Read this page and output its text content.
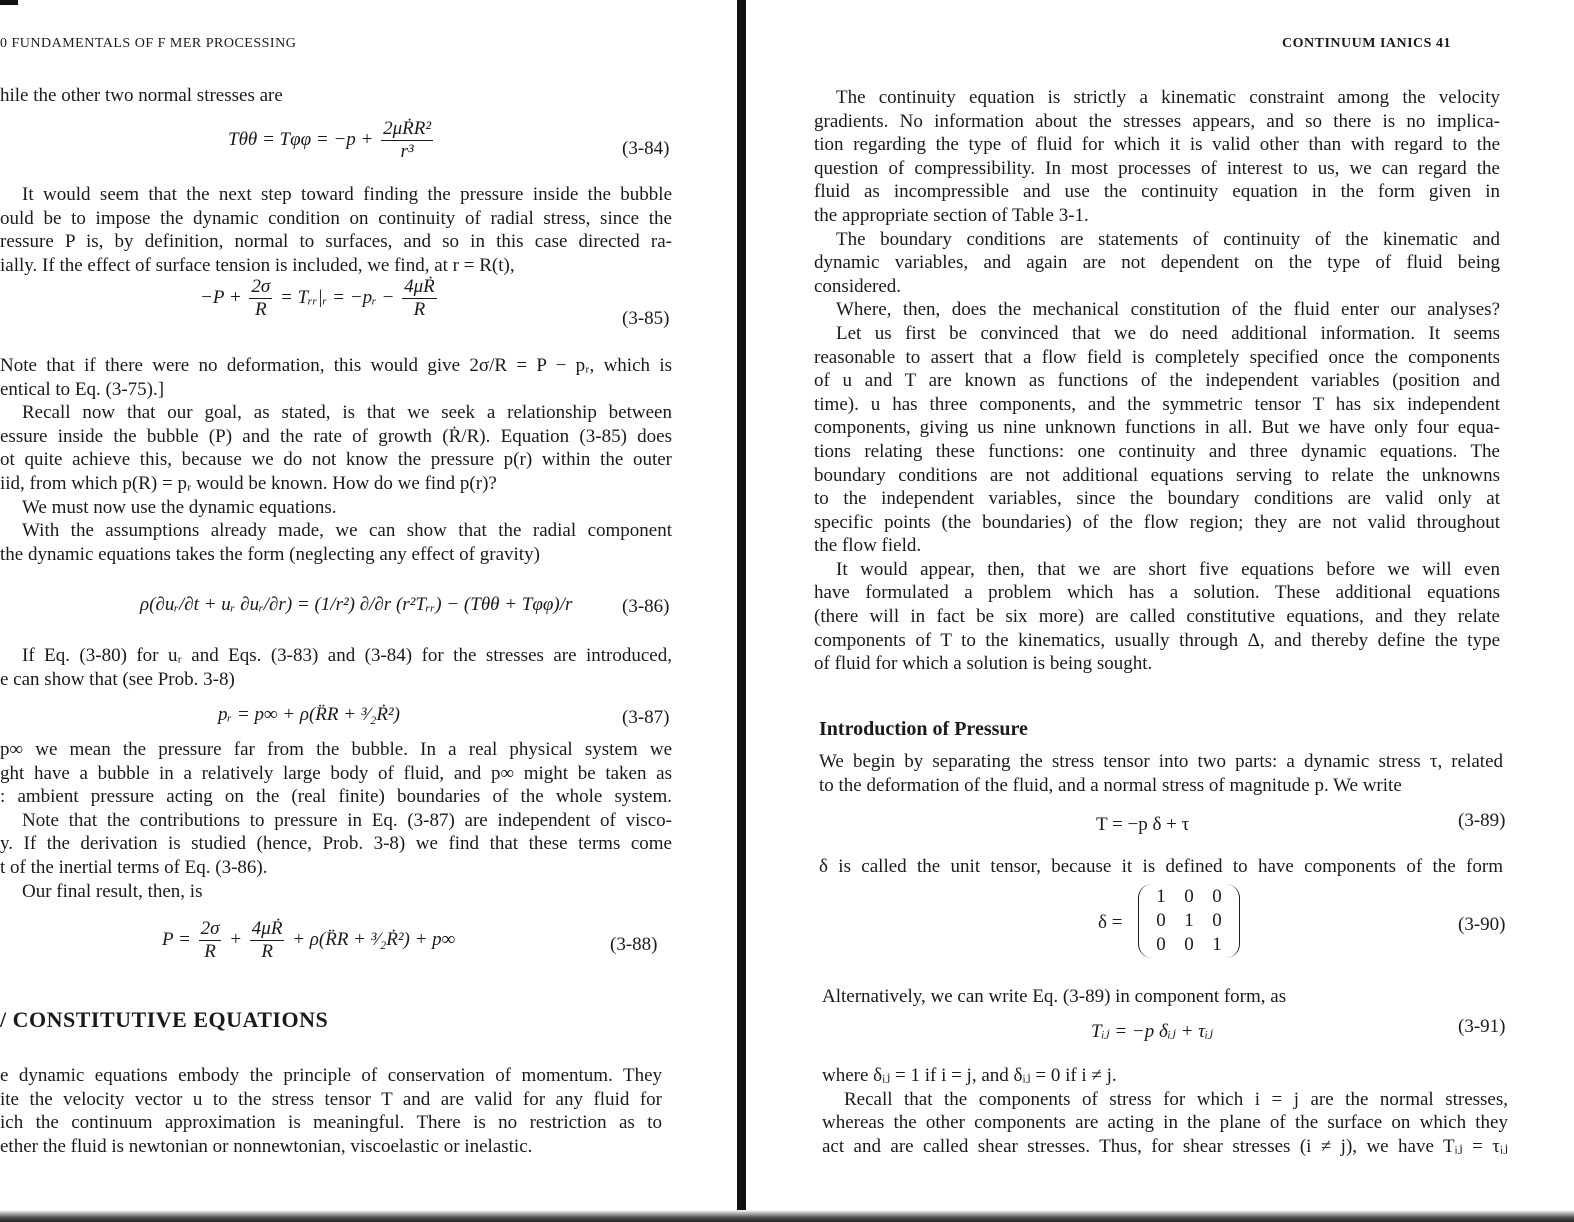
0 FUNDAMENTALS OF F MER PROCESSING
hile the other two normal stresses are
$T\theta\theta = T\varphi\varphi = -p + \frac{\text{2μṘR²}}{\text{r³}}$	(3-84)
It would seem that the next step toward finding the pressure inside the bubble
ould be to impose the dynamic condition on continuity of radial stress, since the
ressure P is, by definition, normal to surfaces, and so in this case directed ra-
ially. If the effect of surface tension is included, we find, at r = R(t),
$-P + \frac{2\sigma}{R}$ = Tᵣᵣ|ᵣ = −pᵣ − $\frac{\text{4μṘ}}{R}$	(3-85)
Note that if there were no deformation, this would give 2σ/R = P − pᵣ, which is
entical to Eq. (3-75).]
Recall now that our goal, as stated, is that we seek a relationship between
essure inside the bubble (P) and the rate of growth (Ṙ/R). Equation (3-85) does
ot quite achieve this, because we do not know the pressure p(r) within the outer
iid, from which p(R) = pᵣ would be known. How do we find p(r)?
We must now use the dynamic equations.
With the assumptions already made, we can show that the radial component
the dynamic equations takes the form (neglecting any effect of gravity)
ρ(∂uᵣ/∂t + uᵣ ∂uᵣ/∂r) = (1/r²) ∂/∂r (r²Tᵣᵣ) − (Tθθ + Tφφ)/r	(3-86)
If Eq. (3-80) for uᵣ and Eqs. (3-83) and (3-84) for the stresses are introduced,
e can show that (see Prob. 3-8)
pᵣ = p∞ + ρ(R̈R + ³⁄₂Ṙ²)	(3-87)
p∞ we mean the pressure far from the bubble. In a real physical system we
ght have a bubble in a relatively large body of fluid, and p∞ might be taken as
: ambient pressure acting on the (real finite) boundaries of the whole system.
Note that the contributions to pressure in Eq. (3-87) are independent of visco-
y. If the derivation is studied (hence, Prob. 3-8) we find that these terms come
t of the inertial terms of Eq. (3-86).
Our final result, then, is
$P = \frac{2\sigma}{R} + \frac{\text{4μṘ}}{R}$ + ρ(R̈R + ³⁄₂Ṙ²) + p∞	(3-88)
/ CONSTITUTIVE EQUATIONS
e dynamic equations embody the principle of conservation of momentum. They
ite the velocity vector u to the stress tensor T and are valid for any fluid for
ich the continuum approximation is meaningful. There is no restriction as to
ether the fluid is newtonian or nonnewtonian, viscoelastic or inelastic.
CONTINUUM IANICS 41
The continuity equation is strictly a kinematic constraint among the velocity
gradients. No information about the stresses appears, and so there is no implica-
tion regarding the type of fluid for which it is valid other than with regard to the
question of compressibility. In most processes of interest to us, we can regard the
fluid as incompressible and use the continuity equation in the form given in
the appropriate section of Table 3-1.
The boundary conditions are statements of continuity of the kinematic and
dynamic variables, and again are not dependent on the type of fluid being
considered.
Where, then, does the mechanical constitution of the fluid enter our analyses?
Let us first be convinced that we do need additional information. It seems
reasonable to assert that a flow field is completely specified once the components
of u and T are known as functions of the independent variables (position and
time). u has three components, and the symmetric tensor T has six independent
components, giving us nine unknown functions in all. But we have only four equa-
tions relating these functions: one continuity and three dynamic equations. The
boundary conditions are not additional equations serving to relate the unknowns
to the independent variables, since the boundary conditions are valid only at
specific points (the boundaries) of the flow region; they are not valid throughout
the flow field.
It would appear, then, that we are short five equations before we will even
have formulated a problem which has a solution. These additional equations
(there will in fact be six more) are called constitutive equations, and they relate
components of T to the kinematics, usually through Δ, and thereby define the type
of fluid for which a solution is being sought.
Introduction of Pressure
We begin by separating the stress tensor into two parts: a dynamic stress τ, related
to the deformation of the fluid, and a normal stress of magnitude p. We write
T = −p δ + τ	(3-89)
δ is called the unit tensor, because it is defined to have components of the form
δ =
1 0 0
0 1 0
0 0 1
(3-90)
Alternatively, we can write Eq. (3-89) in component form, as
Tᵢⱼ = −p δᵢⱼ + τᵢⱼ	(3-91)
where δᵢⱼ = 1 if i = j, and δᵢⱼ = 0 if i ≠ j.
Recall that the components of stress for which i = j are the normal stresses,
whereas the other components are acting in the plane of the surface on which they
act and are called shear stresses. Thus, for shear stresses (i ≠ j), we have Tᵢⱼ = τᵢⱼ
